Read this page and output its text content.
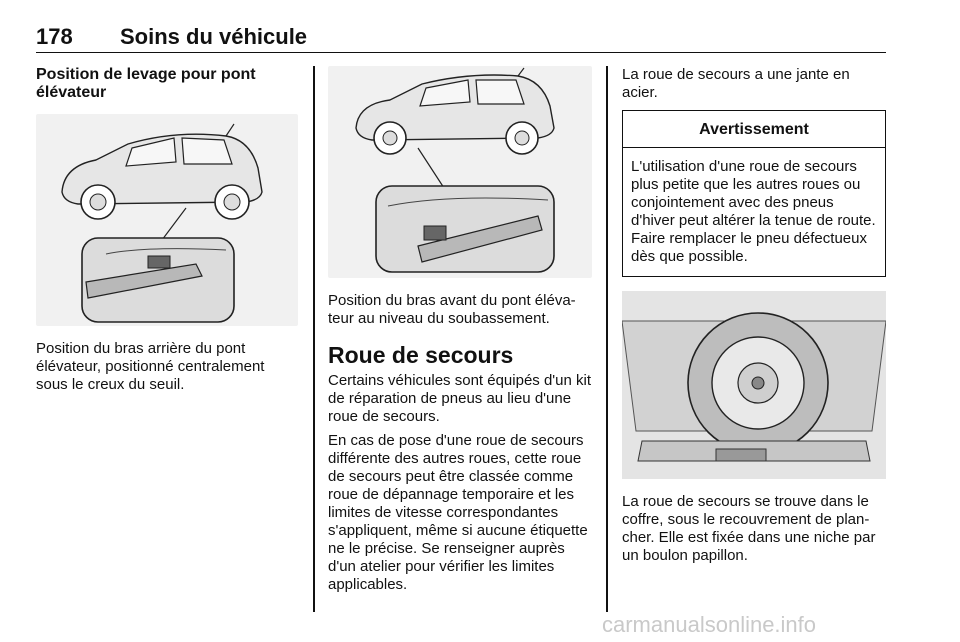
178 Soins du véhicule

Position de levage pour pont élévateur

Position du bras arrière du pont élévateur, positionné centralement sous le creux du seuil.

Position du bras avant du pont élévateur au niveau du soubassement.

Roue de secours

Certains véhicules sont équipés d'un kit de réparation de pneus au lieu d'une roue de secours.

En cas de pose d'une roue de secours différente des autres roues, cette roue de secours peut être classée comme roue de dépannage temporaire et les limites de vitesse correspondantes s'appliquent, même si aucune étiquette ne le précise. Se renseigner auprès d'un atelier pour vérifier les limites applicables.

La roue de secours a une jante en acier.

Avertissement
L'utilisation d'une roue de secours plus petite que les autres roues ou conjointement avec des pneus d'hiver peut altérer la tenue de route. Faire remplacer le pneu défectueux dès que possible.

La roue de secours se trouve dans le coffre, sous le recouvrement de plancher. Elle est fixée dans une niche par un boulon papillon.

carmanualsonline.info
